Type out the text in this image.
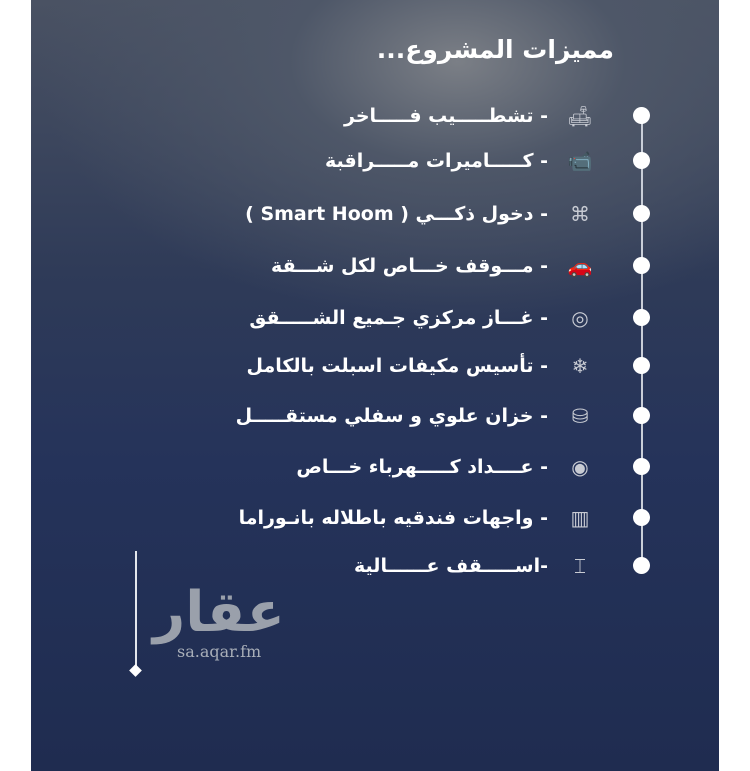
مميزات المشروع...
🛋
- تشطـــــيب فـــــاخر
📹
- كـــــاميرات مـــــراقبة
⌘
- دخول ذكـــي ( Smart Hoom )
🚗
- مـــوقف خـــاص لكل شـــقة
◎
- غـــاز مركزي جـميع الشـــــقق
❄
- تأسيس مكيفات اسبلت بالكامل
⛁
- خزان علوي و سفلي مستقـــــل
◉
- عــــداد كـــــهرباء خـــاص
▥
- واجهات فندقيه باطلاله بانـوراما
⌶
-اســـــقف عــــــالية
عقار
sa.aqar.fm
